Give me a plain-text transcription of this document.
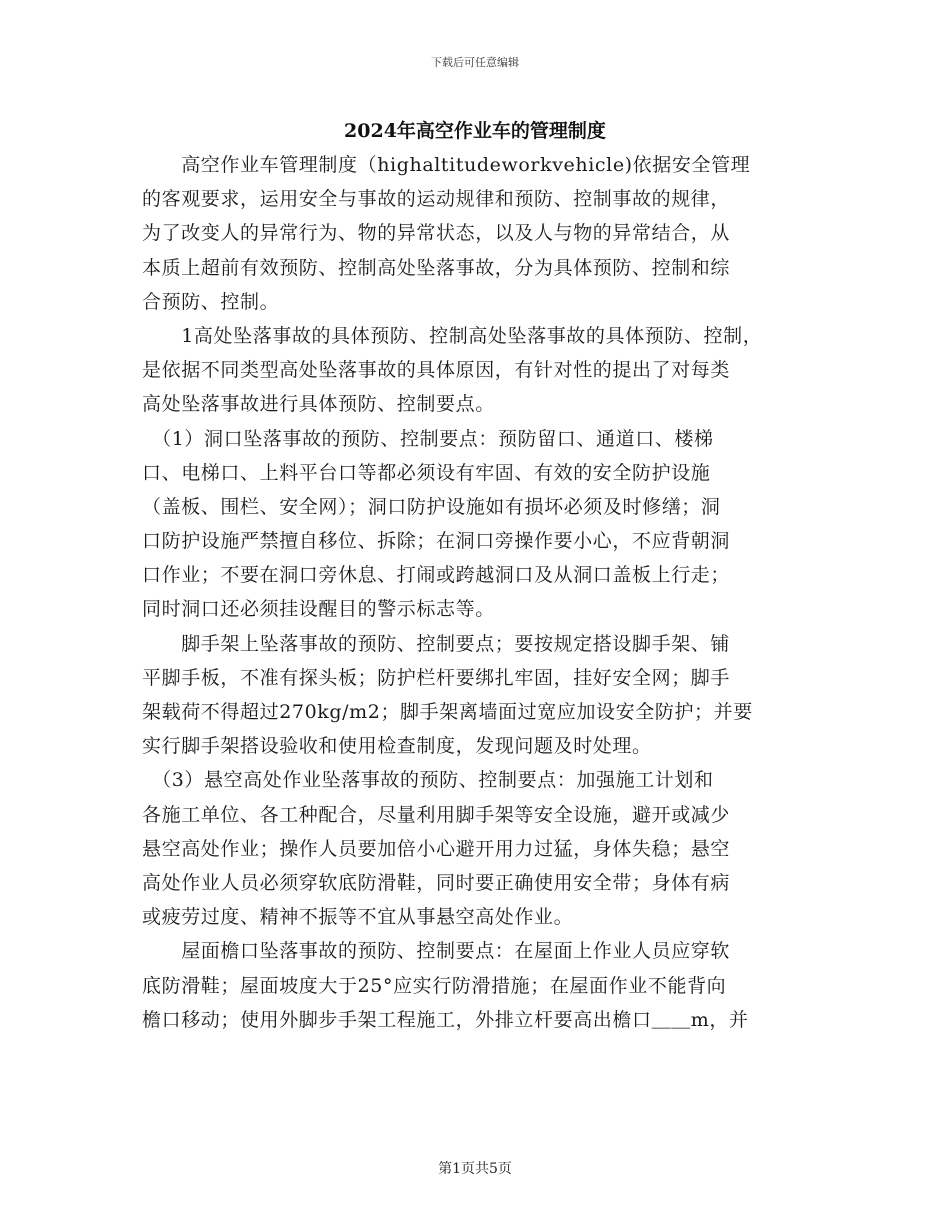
下载后可任意编辑
2024年高空作业车的管理制度
　　高空作业车管理制度（highaltitudeworkvehicle)依据安全管理
的客观要求，运用安全与事故的运动规律和预防、控制事故的规律，
为了改变人的异常行为、物的异常状态，以及人与物的异常结合，从
本质上超前有效预防、控制高处坠落事故，分为具体预防、控制和综
合预防、控制。
　　1高处坠落事故的具体预防、控制高处坠落事故的具体预防、控制，
是依据不同类型高处坠落事故的具体原因，有针对性的提出了对每类
高处坠落事故进行具体预防、控制要点。
　（1）洞口坠落事故的预防、控制要点：预防留口、通道口、楼梯
口、电梯口、上料平台口等都必须设有牢固、有效的安全防护设施
（盖板、围栏、安全网）；洞口防护设施如有损坏必须及时修缮；洞
口防护设施严禁擅自移位、拆除；在洞口旁操作要小心，不应背朝洞
口作业；不要在洞口旁休息、打闹或跨越洞口及从洞口盖板上行走；
同时洞口还必须挂设醒目的警示标志等。
　　脚手架上坠落事故的预防、控制要点；要按规定搭设脚手架、铺
平脚手板，不准有探头板；防护栏杆要绑扎牢固，挂好安全网；脚手
架载荷不得超过270kg/m2；脚手架离墙面过宽应加设安全防护；并要
实行脚手架搭设验收和使用检查制度，发现问题及时处理。
　（3）悬空高处作业坠落事故的预防、控制要点：加强施工计划和
各施工单位、各工种配合，尽量利用脚手架等安全设施，避开或减少
悬空高处作业；操作人员要加倍小心避开用力过猛，身体失稳；悬空
高处作业人员必须穿软底防滑鞋，同时要正确使用安全带；身体有病
或疲劳过度、精神不振等不宜从事悬空高处作业。
　　屋面檐口坠落事故的预防、控制要点：在屋面上作业人员应穿软
底防滑鞋；屋面坡度大于25°应实行防滑措施；在屋面作业不能背向
檐口移动；使用外脚步手架工程施工，外排立杆要高出檐口＿＿m，并
第1页共5页
